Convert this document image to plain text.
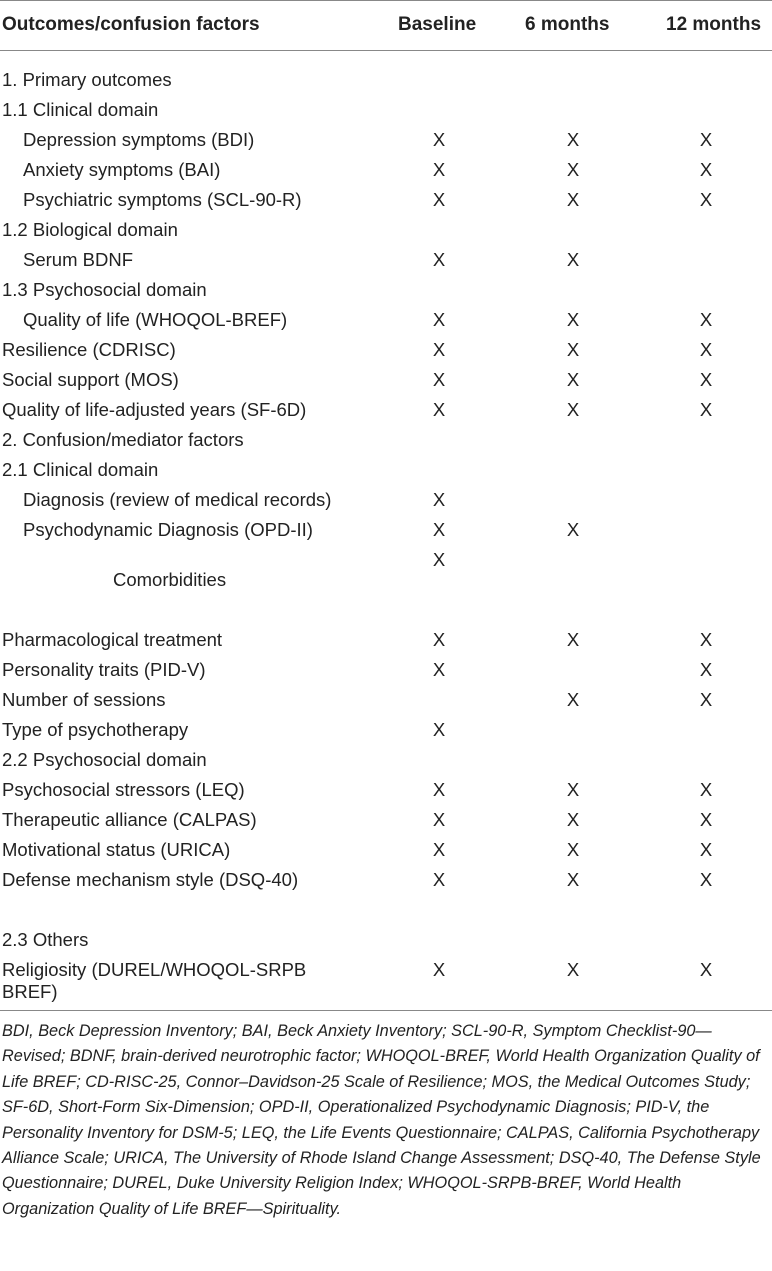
Outcomes/confusion factors	Baseline	6 months	12 months
1. Primary outcomes			
1.1 Clinical domain			
Depression symptoms (BDI)	X	X	X
Anxiety symptoms (BAI)	X	X	X
Psychiatric symptoms (SCL-90-R)	X	X	X
1.2 Biological domain			
Serum BDNF	X	X	
1.3 Psychosocial domain			
Quality of life (WHOQOL-BREF)	X	X	X
Resilience (CDRISC)	X	X	X
Social support (MOS)	X	X	X
Quality of life-adjusted years (SF-6D)	X	X	X
2. Confusion/mediator factors			
2.1 Clinical domain			
Diagnosis (review of medical records)	X		
Psychodynamic Diagnosis (OPD-II)	X	X	
Comorbidities	X		
Pharmacological treatment	X	X	X
Personality traits (PID-V)	X		X
Number of sessions		X	X
Type of psychotherapy	X		
2.2 Psychosocial domain			
Psychosocial stressors (LEQ)	X	X	X
Therapeutic alliance (CALPAS)	X	X	X
Motivational status (URICA)	X	X	X
Defense mechanism style (DSQ-40)	X	X	X

2.3 Others			
Religiosity (DUREL/WHOQOL-SRPB BREF)	X	X	X
BDI, Beck Depression Inventory; BAI, Beck Anxiety Inventory; SCL-90-R, Symptom Checklist-90—Revised; BDNF, brain-derived neurotrophic factor; WHOQOL-BREF, World Health Organization Quality of Life BREF; CD-RISC-25, Connor–Davidson-25 Scale of Resilience; MOS, the Medical Outcomes Study; SF-6D, Short-Form Six-Dimension; OPD-II, Operationalized Psychodynamic Diagnosis; PID-V, the Personality Inventory for DSM-5; LEQ, the Life Events Questionnaire; CALPAS, California Psychotherapy Alliance Scale; URICA, The University of Rhode Island Change Assessment; DSQ-40, The Defense Style Questionnaire; DUREL, Duke University Religion Index; WHOQOL-SRPB-BREF, World Health Organization Quality of Life BREF—Spirituality.
